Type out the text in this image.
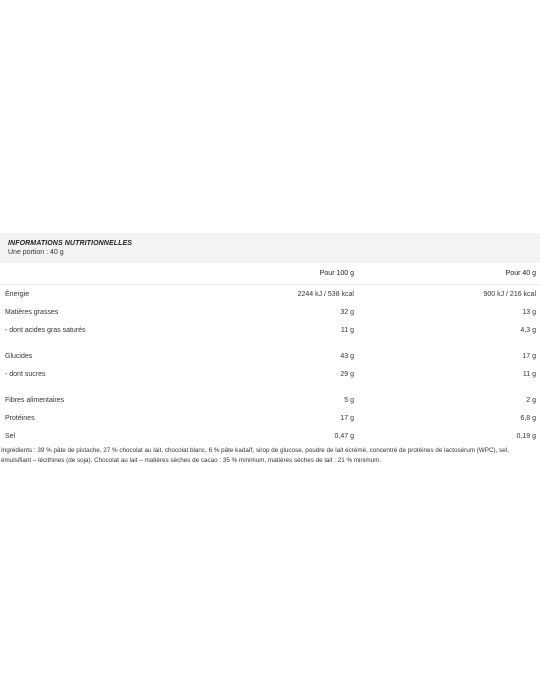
INFORMATIONS NUTRITIONNELLES
Une portion : 40 g
	Pour 100 g	Pour 40 g
Énergie	2244 kJ / 538 kcal	900 kJ / 216 kcal
Matières grasses	32 g	13 g
- dont acides gras saturés	11 g	4,3 g

Glucides	43 g	17 g
- dont sucres	29 g	11 g

Fibres alimentaires	5 g	2 g
Protéines	17 g	6,8 g
Sel	0,47 g	0,19 g
Ingrédients : 39 % pâte de pistache, 27 % chocolat au lait, chocolat blanc, 6 % pâte kadaïf, sirop de glucose, poudre de lait écrémé, concentré de protéines de lactosérum (WPC), sel, émulsifiant – lécithines (de soja). Chocolat au lait – matières sèches de cacao : 35 % minimum, matières sèches de lait : 21 % minimum.
